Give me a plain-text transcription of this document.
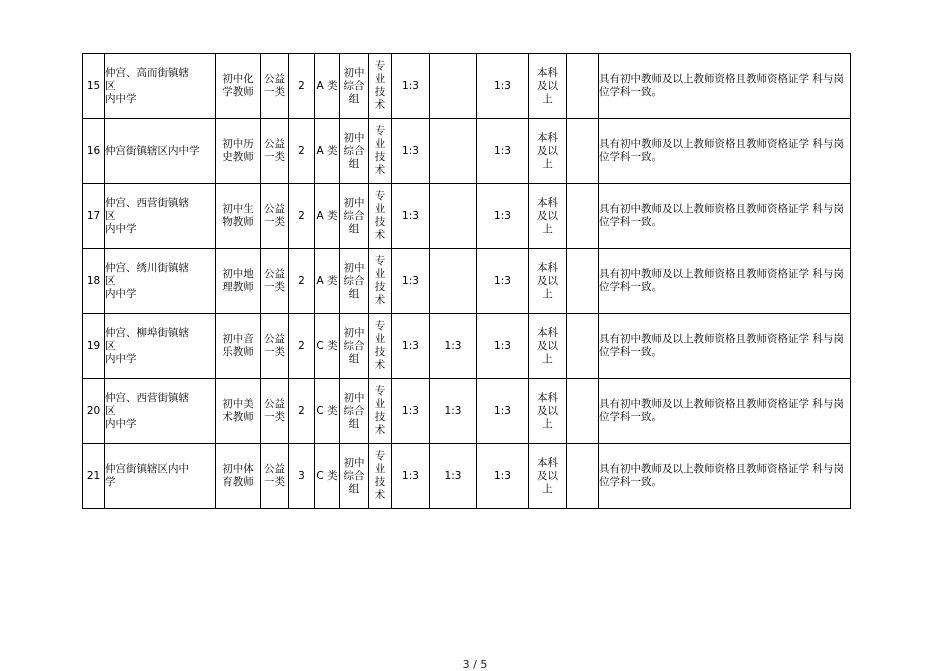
15	仲宫、高而街镇辖
区
内中学	初中化
学教师	公益
一类	2	A 类	初中
综合
组	专
业
技
术	1:3		1:3	本科
及以
上		具有初中教师及以上教师资格且教师资格证学 科与岗位学科一致。
16	仲宫街镇辖区内中学	初中历
史教师	公益
一类	2	A 类	初中
综合
组	专
业
技
术	1:3		1:3	本科
及以
上		具有初中教师及以上教师资格且教师资格证学 科与岗位学科一致。
17	仲宫、西营街镇辖
区
内中学	初中生
物教师	公益
一类	2	A 类	初中
综合
组	专
业
技
术	1:3		1:3	本科
及以
上		具有初中教师及以上教师资格且教师资格证学 科与岗位学科一致。
18	仲宫、绣川街镇辖
区
内中学	初中地
理教师	公益
一类	2	A 类	初中
综合
组	专
业
技
术	1:3		1:3	本科
及以
上		具有初中教师及以上教师资格且教师资格证学 科与岗位学科一致。
19	仲宫、柳埠街镇辖
区
内中学	初中音
乐教师	公益
一类	2	C 类	初中
综合
组	专
业
技
术	1:3	1:3	1:3	本科
及以
上		具有初中教师及以上教师资格且教师资格证学 科与岗位学科一致。
20	仲宫、西营街镇辖
区
内中学	初中美
术教师	公益
一类	2	C 类	初中
综合
组	专
业
技
术	1:3	1:3	1:3	本科
及以
上		具有初中教师及以上教师资格且教师资格证学 科与岗位学科一致。
21	仲宫街镇辖区内中
学	初中体
育教师	公益
一类	3	C 类	初中
综合
组	专
业
技
术	1:3	1:3	1:3	本科
及以
上		具有初中教师及以上教师资格且教师资格证学 科与岗位学科一致。
3 / 5
